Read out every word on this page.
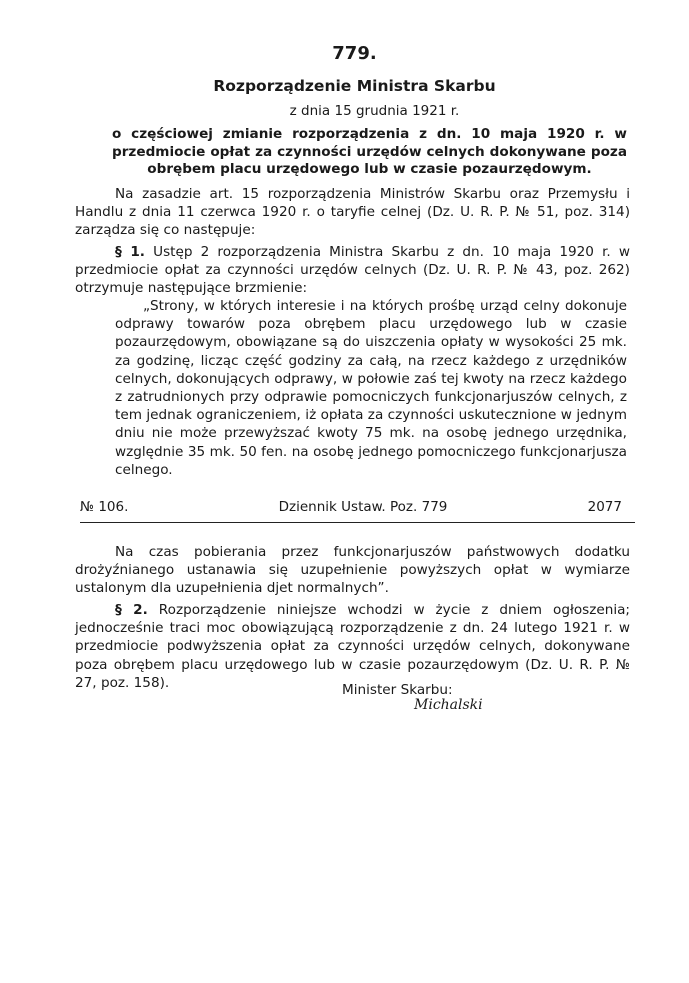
779.
Rozporządzenie Ministra Skarbu
z dnia 15 grudnia 1921 r.
o częściowej zmianie rozporządzenia z dn. 10 maja 1920 r. w przedmiocie opłat za czynności urzędów celnych dokonywane poza obrębem placu urzędowego lub w czasie pozaurzędowym.

Na zasadzie art. 15 rozporządzenia Ministrów Skarbu oraz Przemysłu i Handlu z dnia 11 czerwca 1920 r. o taryfie celnej (Dz. U. R. P. № 51, poz. 314) zarządza się co następuje:

§ 1. Ustęp 2 rozporządzenia Ministra Skarbu z dn. 10 maja 1920 r. w przedmiocie opłat za czynności urzędów celnych (Dz. U. R. P. № 43, poz. 262) otrzymuje następujące brzmienie:

„Strony, w których interesie i na których prośbę urząd celny dokonuje odprawy towarów poza obrębem placu urzędowego lub w czasie pozaurzędowym, obowiązane są do uiszczenia opłaty w wysokości 25 mk. za godzinę, licząc część godziny za całą, na rzecz każdego z urzędników celnych, dokonujących odprawy, w połowie zaś tej kwoty na rzecz każdego z zatrudnionych przy odprawie pomocniczych funkcjonarjuszów celnych, z tem jednak ograniczeniem, iż opłata za czynności uskutecznione w jednym dniu nie może przewyższać kwoty 75 mk. na osobę jednego urzędnika, względnie 35 mk. 50 fen. na osobę jednego pomocniczego funkcjonarjusza celnego.

№ 106.	Dziennik Ustaw. Poz. 779	2077

Na czas pobierania przez funkcjonarjuszów państwowych dodatku drożyźnianego ustanawia się uzupełnienie powyższych opłat w wymiarze ustalonym dla uzupełnienia djet normalnych”.

§ 2. Rozporządzenie niniejsze wchodzi w życie z dniem ogłoszenia; jednocześnie traci moc obowiązującą rozporządzenie z dn. 24 lutego 1921 r. w przedmiocie podwyższenia opłat za czynności urzędów celnych, dokonywane poza obrębem placu urzędowego lub w czasie pozaurzędowym (Dz. U. R. P. № 27, poz. 158).	Minister Skarbu:
Michalski
